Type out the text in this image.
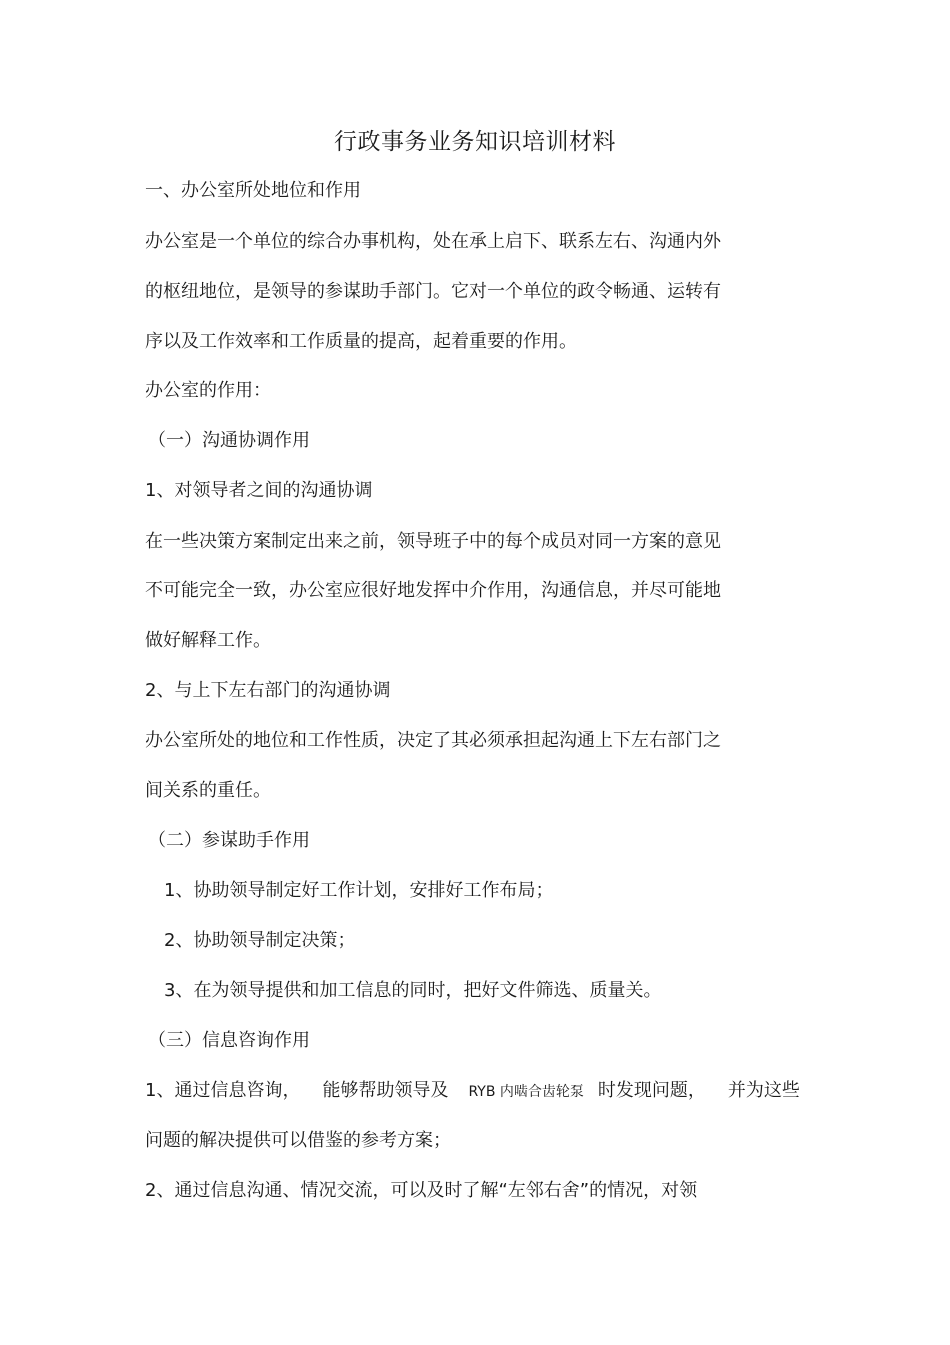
行政事务业务知识培训材料
一、办公室所处地位和作用
办公室是一个单位的综合办事机构，处在承上启下、联系左右、沟通内外
的枢纽地位，是领导的参谋助手部门。它对一个单位的政令畅通、运转有
序以及工作效率和工作质量的提高，起着重要的作用。
办公室的作用：
（一）沟通协调作用
1、对领导者之间的沟通协调
在一些决策方案制定出来之前，领导班子中的每个成员对同一方案的意见
不可能完全一致，办公室应很好地发挥中介作用，沟通信息，并尽可能地
做好解释工作。
2、与上下左右部门的沟通协调
办公室所处的地位和工作性质，决定了其必须承担起沟通上下左右部门之
间关系的重任。
（二）参谋助手作用
1、协助领导制定好工作计划，安排好工作布局；
2、协助领导制定决策；
3、在为领导提供和加工信息的同时，把好文件筛选、质量关。
（三）信息咨询作用
1、通过信息咨询， 能够帮助领导及 RYB 内啮合齿轮泵 时发现问题， 并为这些
问题的解决提供可以借鉴的参考方案；
2、通过信息沟通、情况交流，可以及时了解“左邻右舍”的情况，对领
